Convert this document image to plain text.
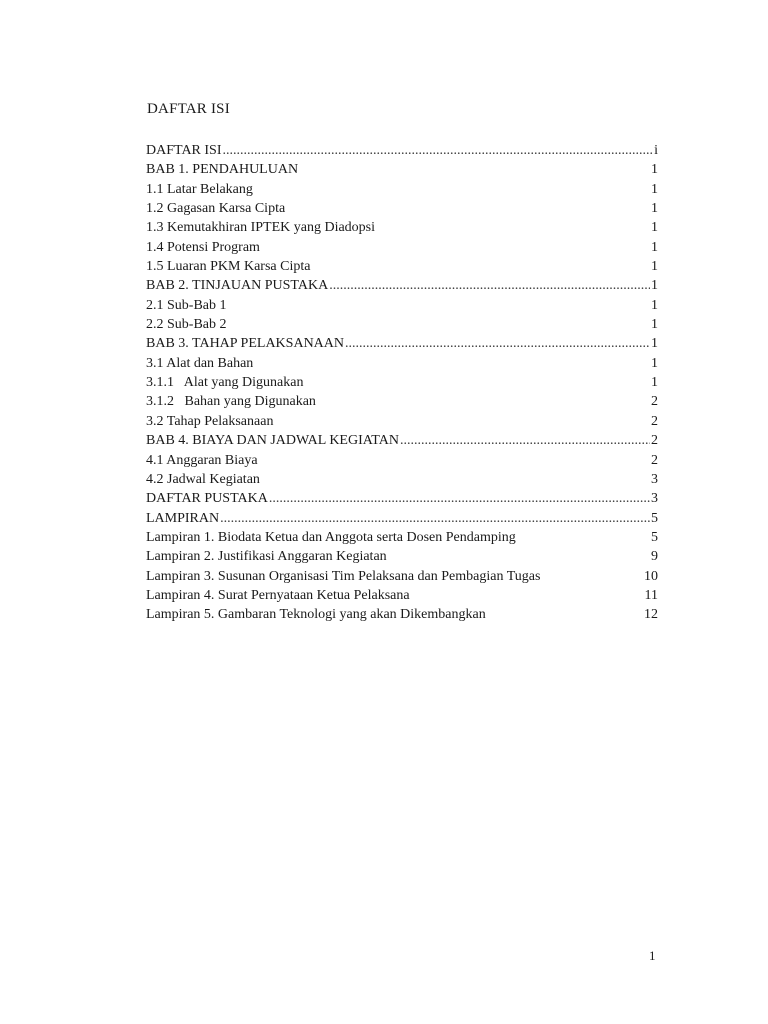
DAFTAR ISI
DAFTAR ISI .....	i
BAB 1. PENDAHULUAN	1
1.1 Latar Belakang	1
1.2 Gagasan Karsa Cipta	1
1.3 Kemutakhiran IPTEK yang Diadopsi	1
1.4 Potensi Program	1
1.5 Luaran PKM Karsa Cipta	1
BAB 2. TINJAUAN PUSTAKA .....	1
2.1 Sub-Bab 1	1
2.2 Sub-Bab 2	1
BAB 3. TAHAP PELAKSANAAN .....	1
3.1 Alat dan Bahan	1
3.1.1   Alat yang Digunakan	1
3.1.2   Bahan yang Digunakan	2
3.2 Tahap Pelaksanaan	2
BAB 4. BIAYA DAN JADWAL KEGIATAN .....	2
4.1 Anggaran Biaya	2
4.2 Jadwal Kegiatan	3
DAFTAR PUSTAKA .....	3
LAMPIRAN .....	5
Lampiran 1. Biodata Ketua dan Anggota serta Dosen Pendamping	5
Lampiran 2. Justifikasi Anggaran Kegiatan	9
Lampiran 3. Susunan Organisasi Tim Pelaksana dan Pembagian Tugas	10
Lampiran 4. Surat Pernyataan Ketua Pelaksana	11
Lampiran 5. Gambaran Teknologi yang akan Dikembangkan	12
1
